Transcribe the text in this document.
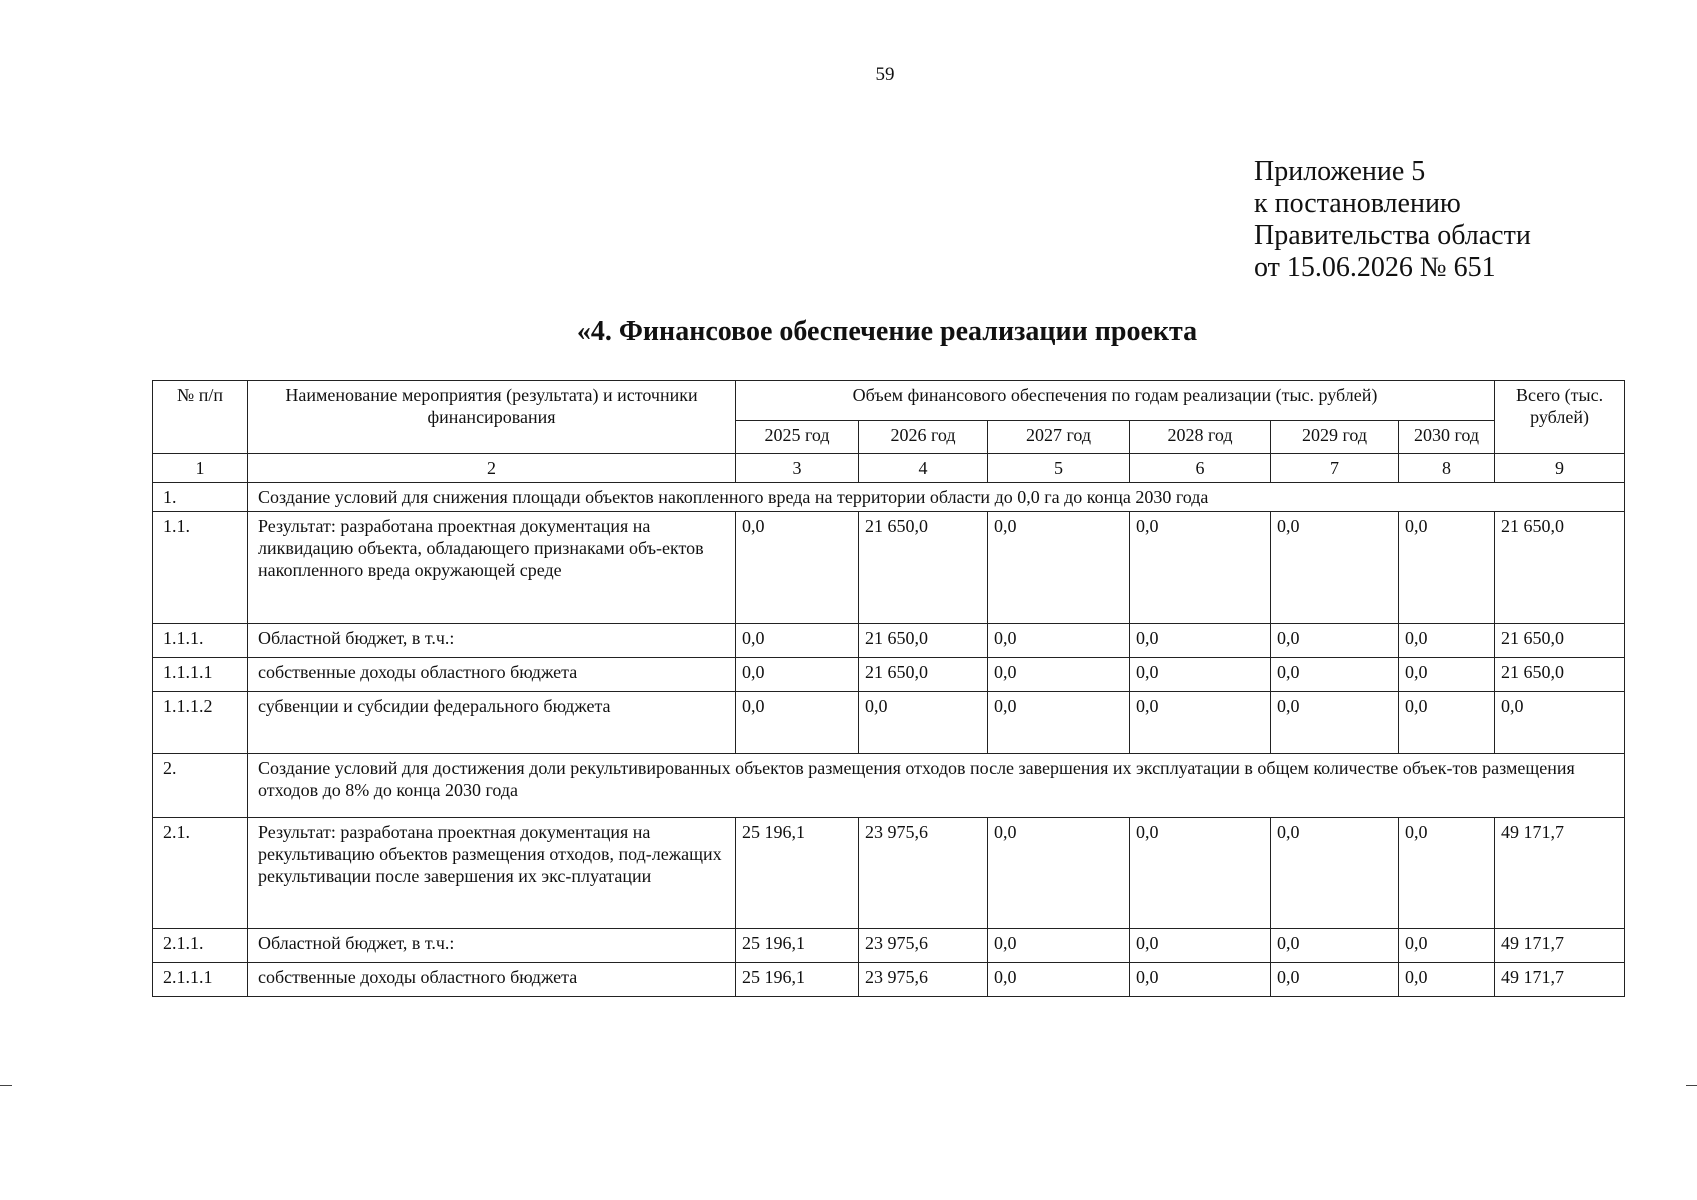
59
Приложение 5
к постановлению
Правительства области
от 15.06.2026 № 651
«4. Финансовое обеспечение реализации проекта
№ п/п	Наименование мероприятия (результата) и источники финансирования	Объем финансового обеспечения по годам реализации (тыс. рублей)						Всего (тыс. рублей)
		2025 год	2026 год	2027 год	2028 год	2029 год	2030 год	
1	2	3	4	5	6	7	8	9
1.	Создание условий для снижения площади объектов накопленного вреда на территории области до 0,0 га до конца 2030 года							
1.1.	Результат: разработана проектная документация на ликвидацию объекта, обладающего признаками объ-ектов накопленного вреда окружающей среде	0,0	21 650,0	0,0	0,0	0,0	0,0	21 650,0
1.1.1.	Областной бюджет, в т.ч.:	0,0	21 650,0	0,0	0,0	0,0	0,0	21 650,0
1.1.1.1	собственные доходы областного бюджета	0,0	21 650,0	0,0	0,0	0,0	0,0	21 650,0
1.1.1.2	субвенции и субсидии федерального бюджета	0,0	0,0	0,0	0,0	0,0	0,0	0,0
2.	Создание условий для достижения доли рекультивированных объектов размещения отходов после завершения их эксплуатации в общем количестве объек-тов размещения отходов до 8% до конца 2030 года							
2.1.	Результат: разработана проектная документация на рекультивацию объектов размещения отходов, под-лежащих рекультивации после завершения их экс-плуатации	25 196,1	23 975,6	0,0	0,0	0,0	0,0	49 171,7
2.1.1.	Областной бюджет, в т.ч.:	25 196,1	23 975,6	0,0	0,0	0,0	0,0	49 171,7
2.1.1.1	собственные доходы областного бюджета	25 196,1	23 975,6	0,0	0,0	0,0	0,0	49 171,7
